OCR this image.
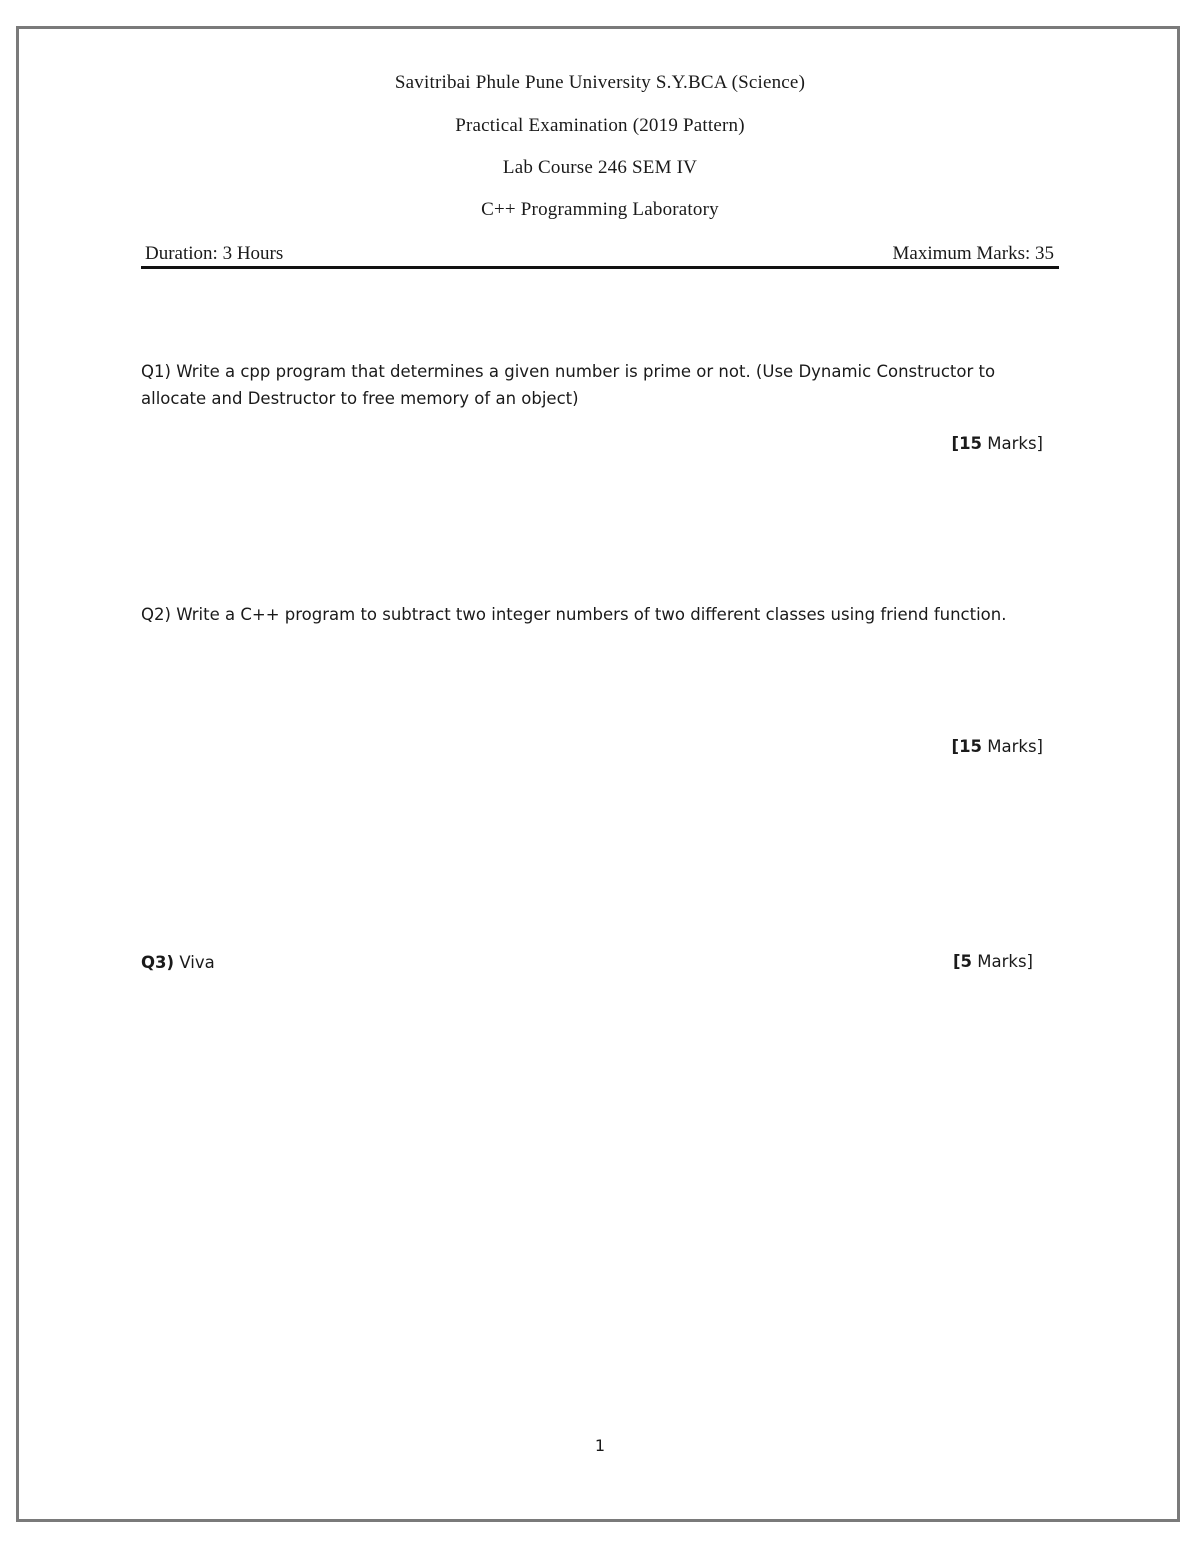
Savitribai Phule Pune University S.Y.BCA (Science)
Practical Examination (2019 Pattern)
Lab Course 246 SEM IV
C++ Programming Laboratory
Duration: 3 Hours	Maximum Marks: 35
Q1) Write a cpp program that determines a given number is prime or not. (Use Dynamic Constructor to allocate and Destructor to free memory of an object)
[15 Marks]
Q2) Write a C++ program to subtract two integer numbers of two different classes using friend function.
[15 Marks]
Q3) Viva	[5 Marks]
1
